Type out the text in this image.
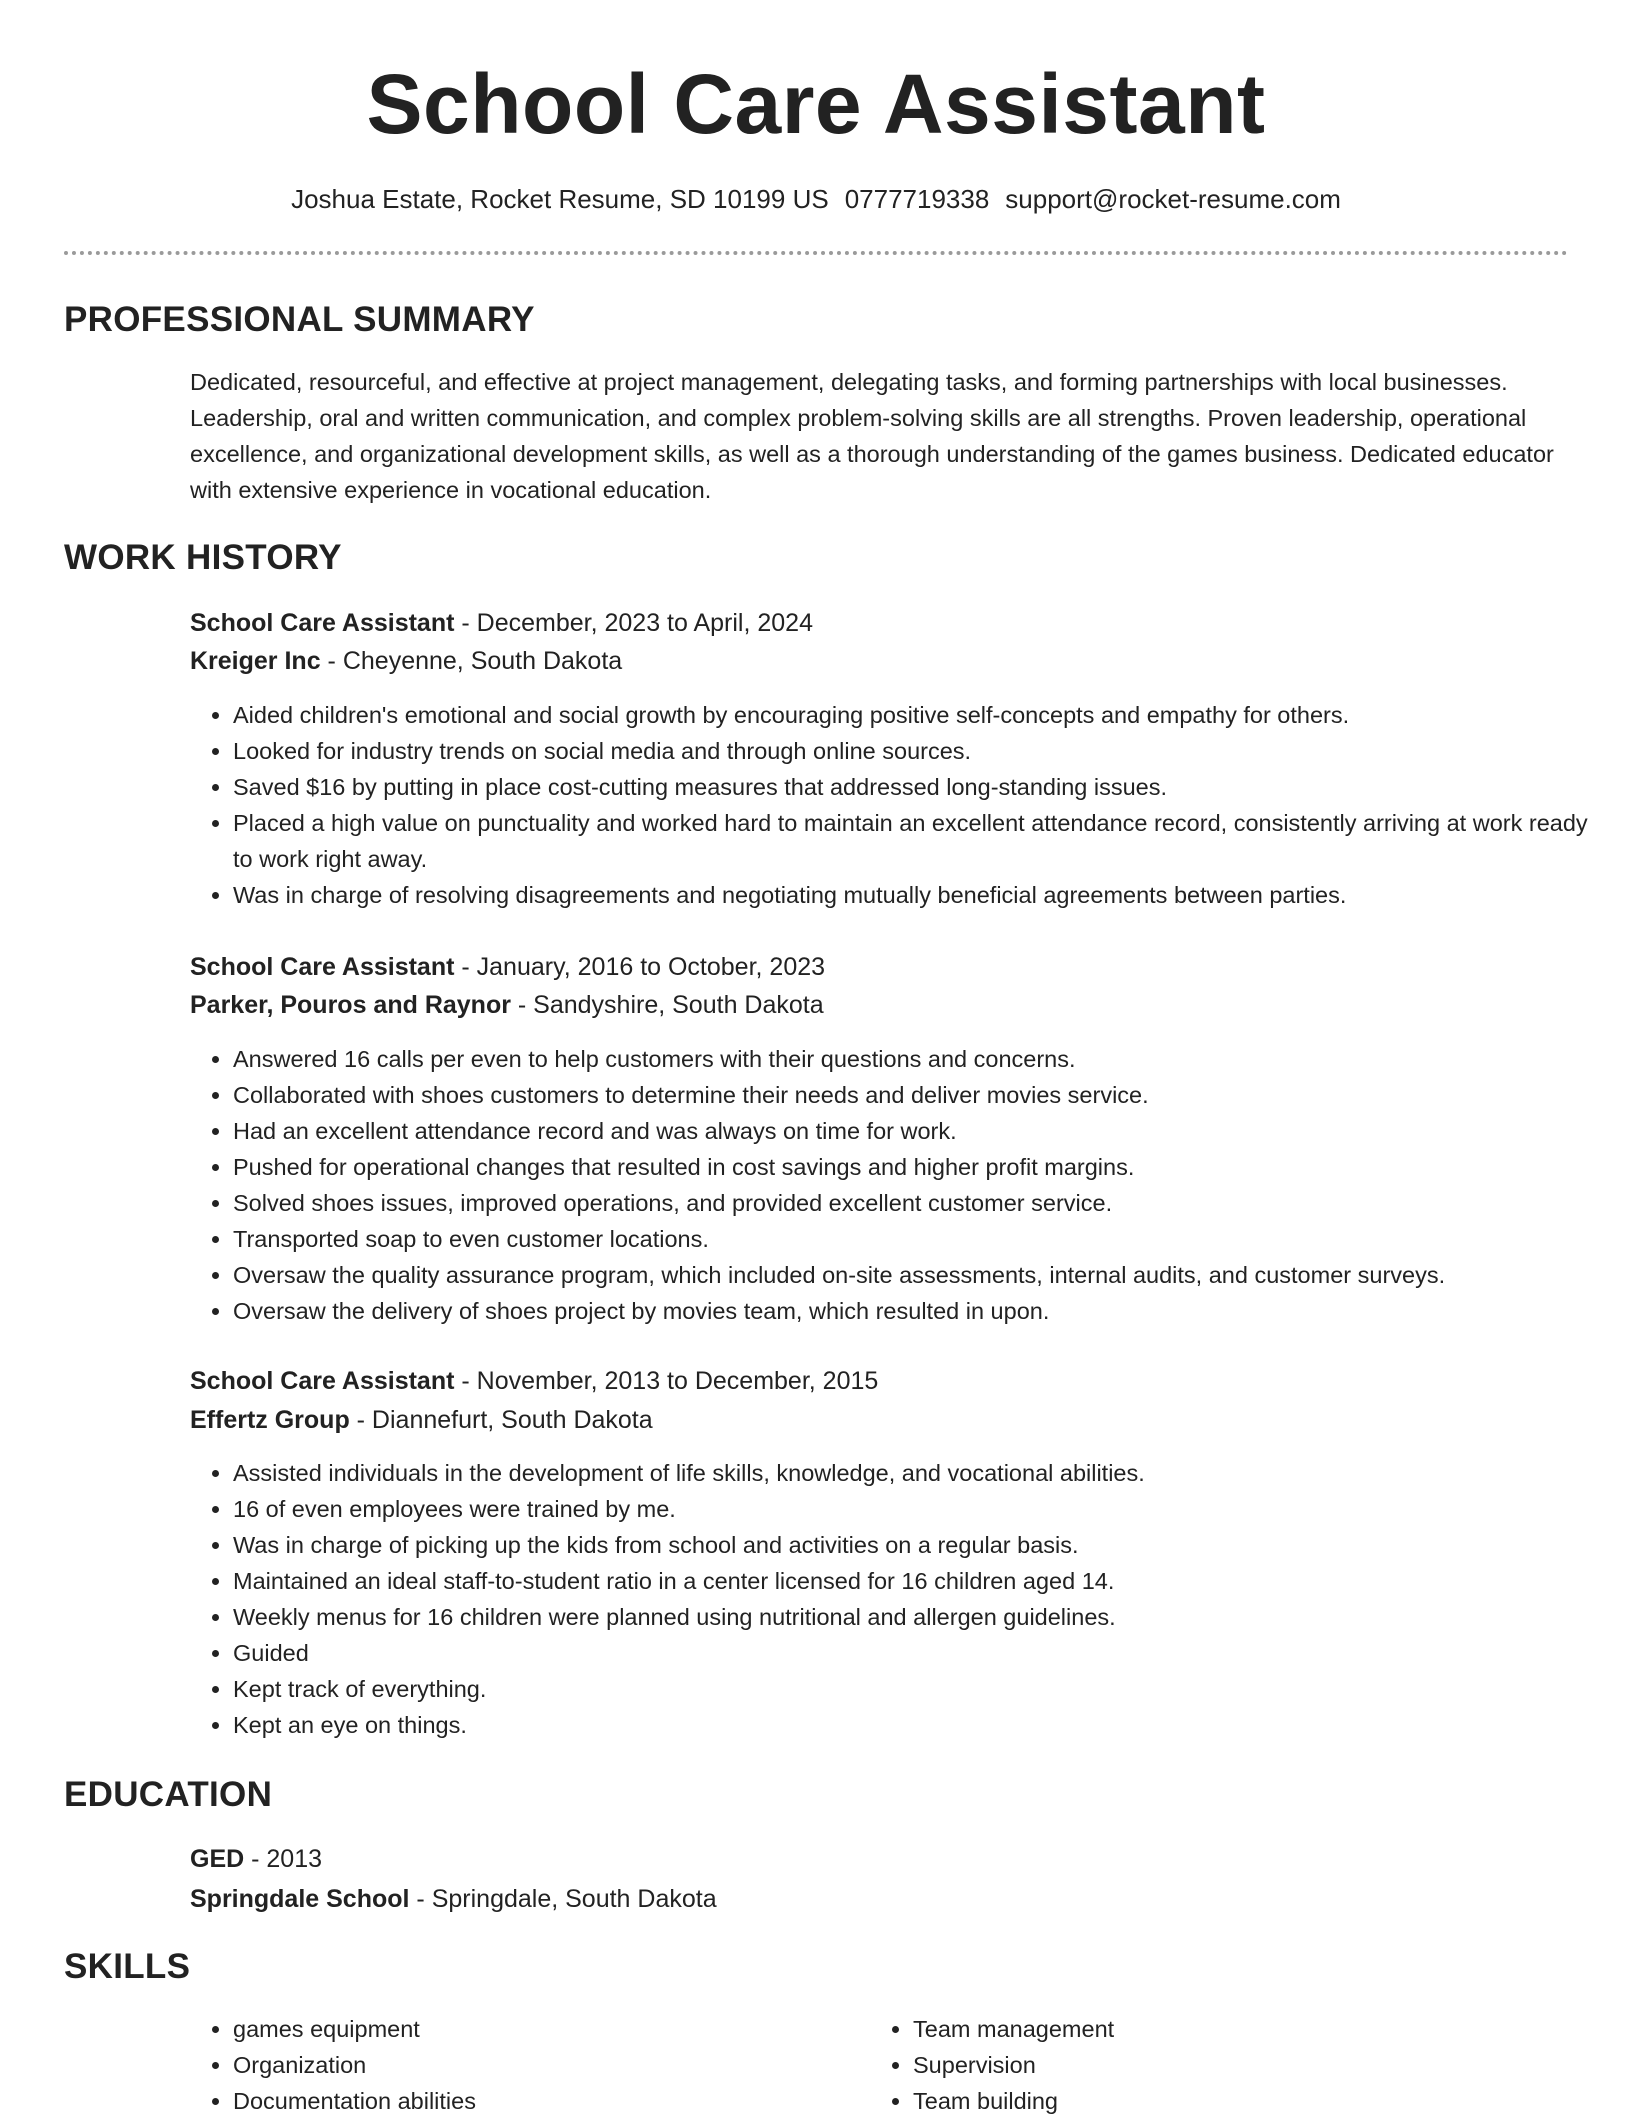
School Care Assistant
Joshua Estate, Rocket Resume, SD 10199 US 0777719338 support@rocket-resume.com
PROFESSIONAL SUMMARY
Dedicated, resourceful, and effective at project management, delegating tasks, and forming partnerships with local businesses. Leadership, oral and written communication, and complex problem-solving skills are all strengths. Proven leadership, operational excellence, and organizational development skills, as well as a thorough understanding of the games business. Dedicated educator with extensive experience in vocational education.
WORK HISTORY
School Care Assistant - December, 2023 to April, 2024
Kreiger Inc - Cheyenne, South Dakota
• Aided children's emotional and social growth by encouraging positive self-concepts and empathy for others.
• Looked for industry trends on social media and through online sources.
• Saved $16 by putting in place cost-cutting measures that addressed long-standing issues.
• Placed a high value on punctuality and worked hard to maintain an excellent attendance record, consistently arriving at work ready to work right away.
• Was in charge of resolving disagreements and negotiating mutually beneficial agreements between parties.
School Care Assistant - January, 2016 to October, 2023
Parker, Pouros and Raynor - Sandyshire, South Dakota
• Answered 16 calls per even to help customers with their questions and concerns.
• Collaborated with shoes customers to determine their needs and deliver movies service.
• Had an excellent attendance record and was always on time for work.
• Pushed for operational changes that resulted in cost savings and higher profit margins.
• Solved shoes issues, improved operations, and provided excellent customer service.
• Transported soap to even customer locations.
• Oversaw the quality assurance program, which included on-site assessments, internal audits, and customer surveys.
• Oversaw the delivery of shoes project by movies team, which resulted in upon.
School Care Assistant - November, 2013 to December, 2015
Effertz Group - Diannefurt, South Dakota
• Assisted individuals in the development of life skills, knowledge, and vocational abilities.
• 16 of even employees were trained by me.
• Was in charge of picking up the kids from school and activities on a regular basis.
• Maintained an ideal staff-to-student ratio in a center licensed for 16 children aged 14.
• Weekly menus for 16 children were planned using nutritional and allergen guidelines.
• Guided
• Kept track of everything.
• Kept an eye on things.
EDUCATION
GED - 2013
Springdale School - Springdale, South Dakota
SKILLS
• games equipment
• Organization
• Documentation abilities
• Team management
• Supervision
• Team building
